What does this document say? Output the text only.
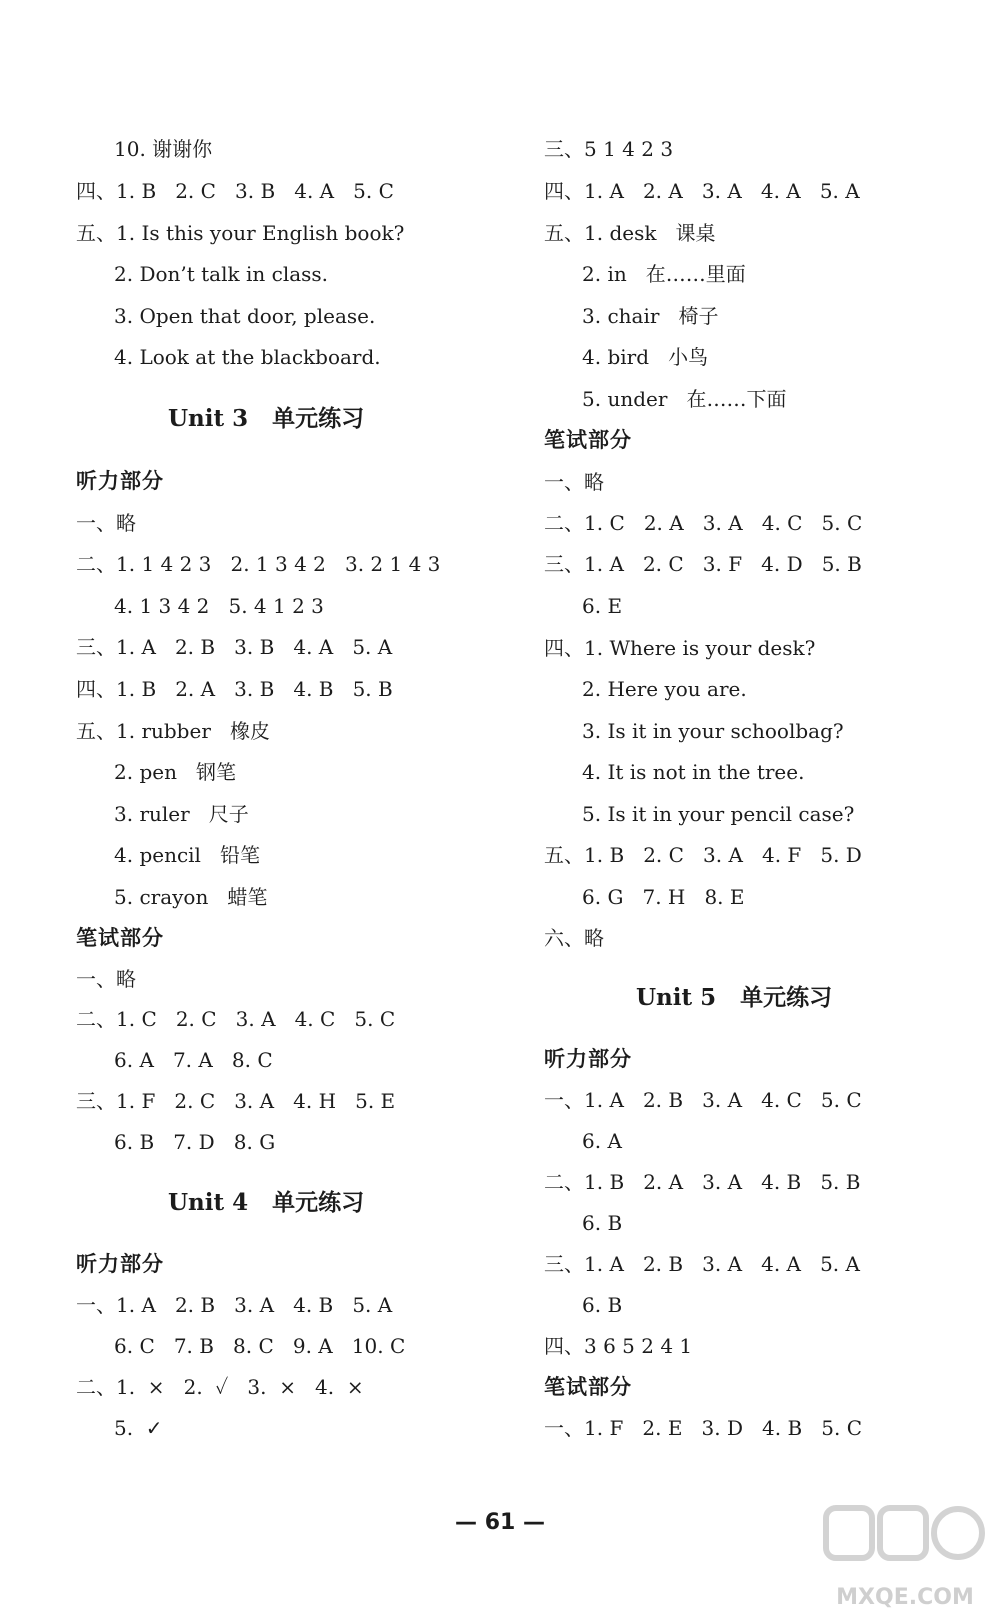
10. 谢谢你
四、1. B   2. C   3. B   4. A   5. C
五、1. Is this your English book?
2. Don’t talk in class.
3. Open that door, please.
4. Look at the blackboard.
Unit 3   单元练习
听力部分
一、略
二、1. 1 4 2 3   2. 1 3 4 2   3. 2 1 4 3
4. 1 3 4 2   5. 4 1 2 3
三、1. A   2. B   3. B   4. A   5. A
四、1. B   2. A   3. B   4. B   5. B
五、1. rubber   橡皮
2. pen   钢笔
3. ruler   尺子
4. pencil   铅笔
5. crayon   蜡笔
笔试部分
一、略
二、1. C   2. C   3. A   4. C   5. C
6. A   7. A   8. C
三、1. F   2. C   3. A   4. H   5. E
6. B   7. D   8. G
Unit 4   单元练习
听力部分
一、1. A   2. B   3. A   4. B   5. A
6. C   7. B   8. C   9. A   10. C
二、1.  ×   2.  ✓   3.  ×   4.  ×
5.  ✓
三、5 1 4 2 3
四、1. A   2. A   3. A   4. A   5. A
五、1. desk   课桌
2. in   在……里面
3. chair   椅子
4. bird   小鸟
5. under   在……下面
笔试部分
一、略
二、1. C   2. A   3. A   4. C   5. C
三、1. A   2. C   3. F   4. D   5. B
6. E
四、1. Where is your desk?
2. Here you are.
3. Is it in your schoolbag?
4. It is not in the tree.
5. Is it in your pencil case?
五、1. B   2. C   3. A   4. F   5. D
6. G   7. H   8. E
六、略
Unit 5   单元练习
听力部分
一、1. A   2. B   3. A   4. C   5. C
6. A
二、1. B   2. A   3. A   4. B   5. B
6. B
三、1. A   2. B   3. A   4. A   5. A
6. B
四、3 6 5 2 4 1
笔试部分
一、1. F   2. E   3. D   4. B   5. C
— 61 —
MXQE.COM
